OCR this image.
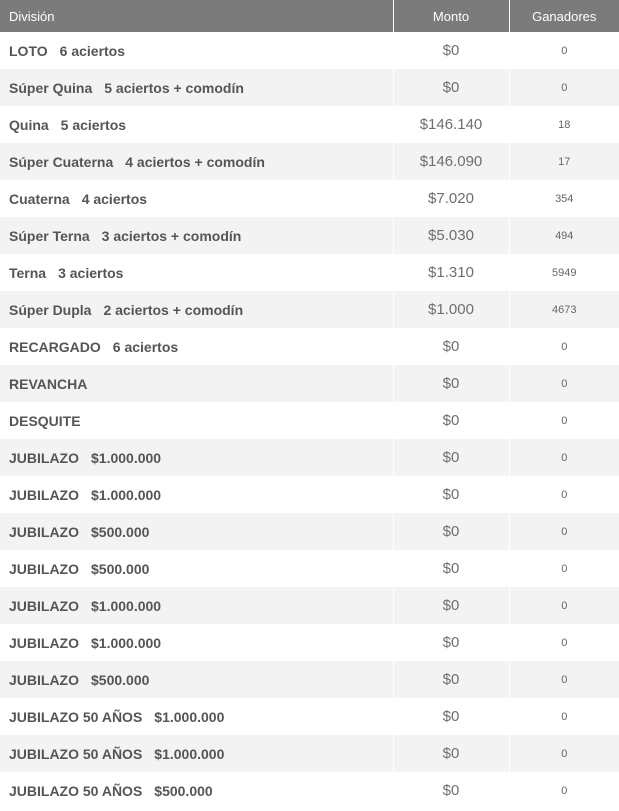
División	Monto	Ganadores
LOTO 6 aciertos	$0	0
Súper Quina 5 aciertos + comodín	$0	0
Quina 5 aciertos	$146.140	18
Súper Cuaterna 4 aciertos + comodín	$146.090	17
Cuaterna 4 aciertos	$7.020	354
Súper Terna 3 aciertos + comodín	$5.030	494
Terna 3 aciertos	$1.310	5949
Súper Dupla 2 aciertos + comodín	$1.000	4673
RECARGADO 6 aciertos	$0	0
REVANCHA	$0	0
DESQUITE	$0	0
JUBILAZO $1.000.000	$0	0
JUBILAZO $1.000.000	$0	0
JUBILAZO $500.000	$0	0
JUBILAZO $500.000	$0	0
JUBILAZO $1.000.000	$0	0
JUBILAZO $1.000.000	$0	0
JUBILAZO $500.000	$0	0
JUBILAZO 50 AÑOS $1.000.000	$0	0
JUBILAZO 50 AÑOS $1.000.000	$0	0
JUBILAZO 50 AÑOS $500.000	$0	0
